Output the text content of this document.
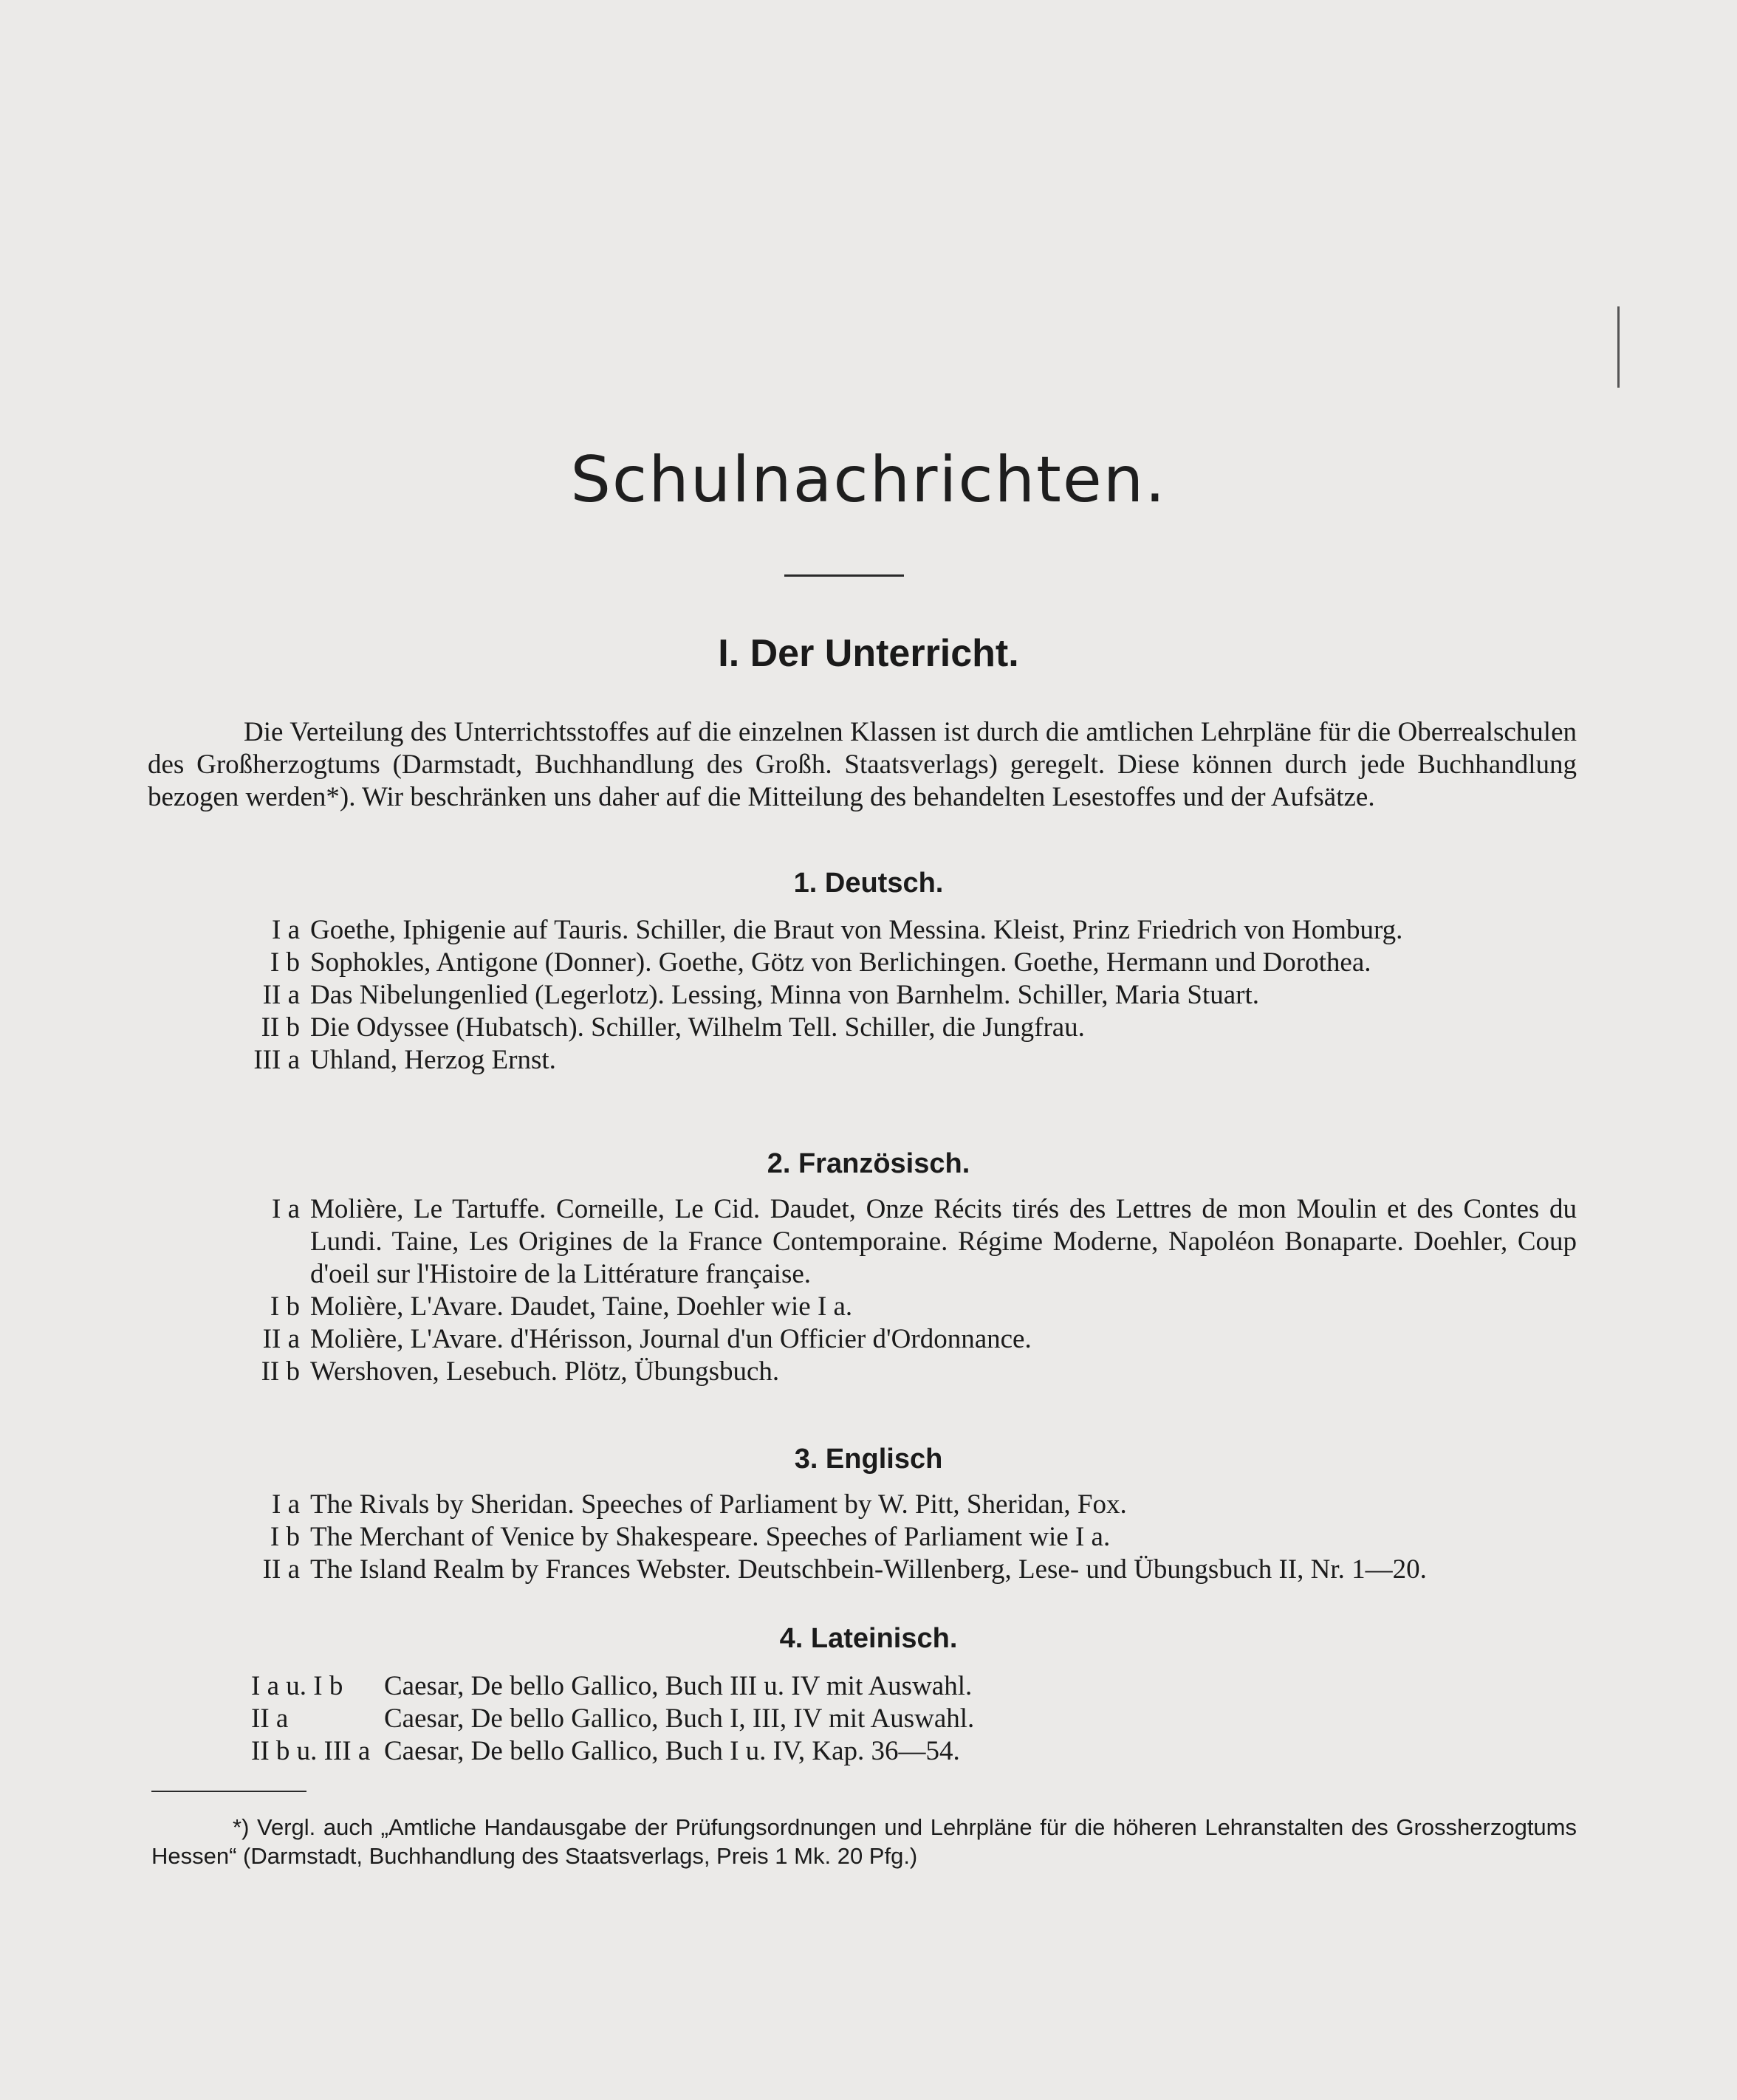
Schulnachrichten.
I. Der Unterricht.

Die Verteilung des Unterrichtsstoffes auf die einzelnen Klassen ist durch die amtlichen Lehrpläne für die Oberrealschulen des Großherzogtums (Darmstadt, Buchhandlung des Großh. Staatsverlags) geregelt. Diese können durch jede Buchhandlung bezogen werden*). Wir beschränken uns daher auf die Mitteilung des behandelten Lesestoffes und der Aufsätze.

1. Deutsch.
I a Goethe, Iphigenie auf Tauris. Schiller, die Braut von Messina. Kleist, Prinz Friedrich von Homburg.
I b Sophokles, Antigone (Donner). Goethe, Götz von Berlichingen. Goethe, Hermann und Dorothea.
II a Das Nibelungenlied (Legerlotz). Lessing, Minna von Barnhelm. Schiller, Maria Stuart.
II b Die Odyssee (Hubatsch). Schiller, Wilhelm Tell. Schiller, die Jungfrau.
III a Uhland, Herzog Ernst.
2. Französisch.
I a Molière, Le Tartuffe. Corneille, Le Cid. Daudet, Onze Récits tirés des Lettres de mon Moulin et des Contes du Lundi. Taine, Les Origines de la France Contemporaine. Régime Moderne, Napoléon Bonaparte. Doehler, Coup d'oeil sur l'Histoire de la Littérature française.
I b Molière, L'Avare. Daudet, Taine, Doehler wie I a.
II a Molière, L'Avare. d'Hérisson, Journal d'un Officier d'Ordonnance.
II b Wershoven, Lesebuch. Plötz, Übungsbuch.
3. Englisch
I a The Rivals by Sheridan. Speeches of Parliament by W. Pitt, Sheridan, Fox.
I b The Merchant of Venice by Shakespeare. Speeches of Parliament wie I a.
II a The Island Realm by Frances Webster. Deutschbein-Willenberg, Lese- und Übungsbuch II, Nr. 1—20.
4. Lateinisch.
I a u. I b	Caesar, De bello Gallico, Buch III u. IV mit Auswahl.
II a	Caesar, De bello Gallico, Buch I, III, IV mit Auswahl.
II b u. III a Caesar, De bello Gallico, Buch I u. IV, Kap. 36—54.

*) Vergl. auch „Amtliche Handausgabe der Prüfungsordnungen und Lehrpläne für die höheren Lehranstalten des Grossherzogtums Hessen“ (Darmstadt, Buchhandlung des Staatsverlags, Preis 1 Mk. 20 Pfg.)
